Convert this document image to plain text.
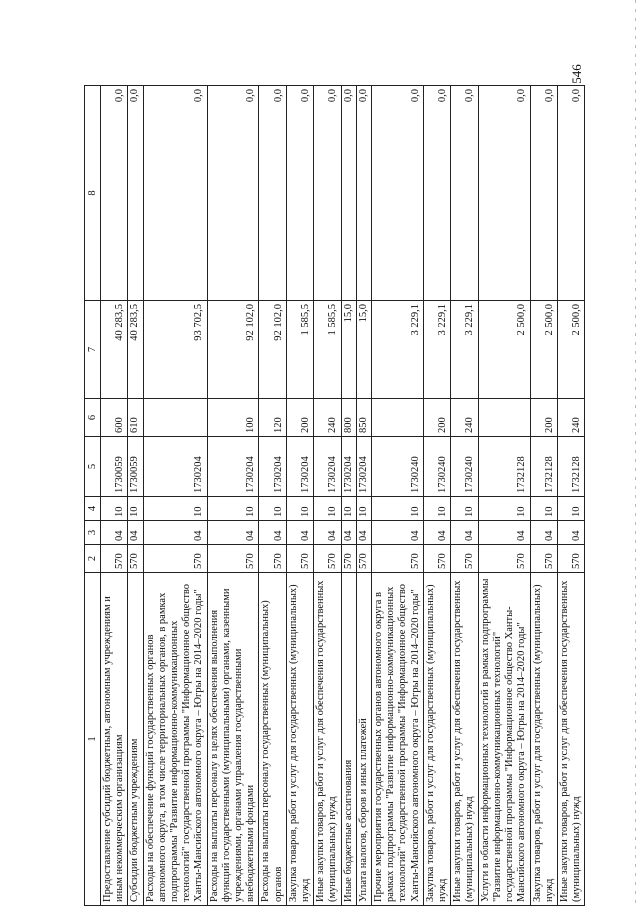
546
1	2	3	4	5	6	7	8
Предоставление субсидий бюджетным, автономным учреждениям и иным некоммерческим организациям	570	04	10	1730059	600	40 283,5	0,0
Субсидии бюджетным учреждениям	570	04	10	1730059	610	40 283,5	0,0
Расходы на обеспечение функций государственных органов автономного округа, в том числе территориальных органов, в рамках подпрограммы "Развитие информационно-коммуникационных технологий" государственной программы "Информационное общество Ханты-Мансийского автономного округа – Югры на 2014–2020 годы"	570	04	10	1730204		93 702,5	0,0
Расходы на выплаты персоналу в целях обеспечения выполнения функций государственными (муниципальными) органами, казенными учреждениями, органами управления государственными внебюджетными фондами	570	04	10	1730204	100	92 102,0	0,0
Расходы на выплаты персоналу государственных (муниципальных) органов	570	04	10	1730204	120	92 102,0	0,0
Закупка товаров, работ и услуг для государственных (муниципальных) нужд	570	04	10	1730204	200	1 585,5	0,0
Иные закупки товаров, работ и услуг для обеспечения государственных (муниципальных) нужд	570	04	10	1730204	240	1 585,5	0,0
Иные бюджетные ассигнования	570	04	10	1730204	800	15,0	0,0
Уплата налогов, сборов и иных платежей	570	04	10	1730204	850	15,0	0,0
Прочие мероприятия государственных органов автономного округа в рамках подпрограммы "Развитие информационно-коммуникационных технологий" государственной программы "Информационное общество Ханты-Мансийского автономного округа – Югры на 2014–2020 годы"	570	04	10	1730240		3 229,1	0,0
Закупка товаров, работ и услуг для государственных (муниципальных) нужд	570	04	10	1730240	200	3 229,1	0,0
Иные закупки товаров, работ и услуг для обеспечения государственных (муниципальных) нужд	570	04	10	1730240	240	3 229,1	0,0
Услуги в области информационных технологий в рамках подпрограммы "Развитие информационно-коммуникационных технологий" государственной программы "Информационное общество Ханты-Мансийского автономного округа – Югры на 2014–2020 годы"	570	04	10	1732128		2 500,0	0,0
Закупка товаров, работ и услуг для государственных (муниципальных) нужд	570	04	10	1732128	200	2 500,0	0,0
Иные закупки товаров, работ и услуг для обеспечения государственных (муниципальных) нужд	570	04	10	1732128	240	2 500,0	0,0
